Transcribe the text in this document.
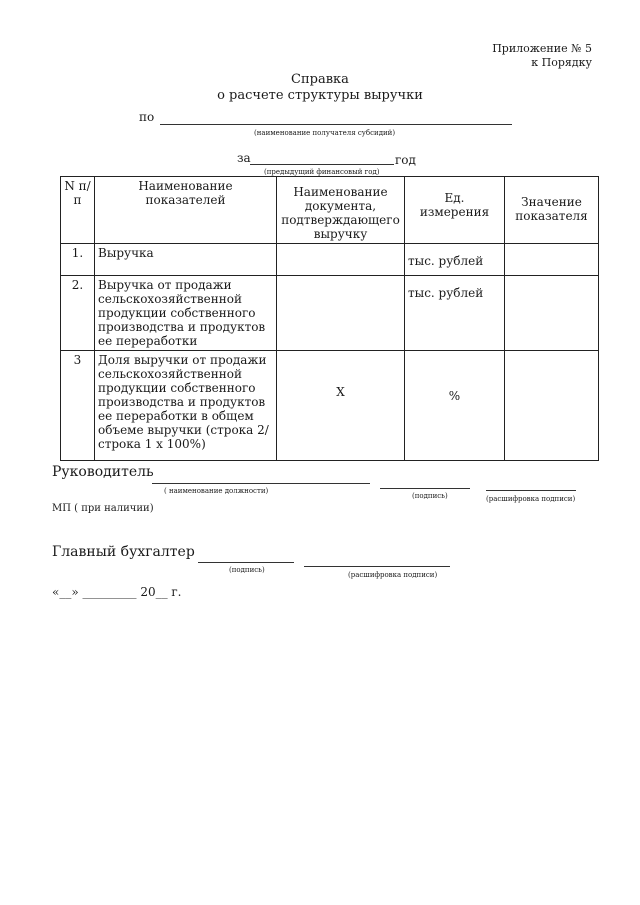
Приложение № 5
к Порядку
Справка
о расчете структуры выручки
по
(наименование получателя субсидий)
за	год
(предыдущий финансовый год)
N п/п	Наименование показателей	Наименование документа, подтверждающего выручку	Ед. измерения	Значение показателя
1.	Выручка		тыс. рублей	
2.	Выручка от продажи сельскохозяйственной продукции собственного производства и продуктов ее переработки		тыс. рублей	
3	Доля выручки от продажи сельскохозяйственной продукции собственного производства и продуктов ее переработки в общем объеме выручки (строка 2/строка 1 х 100%)	Х	%	
Руководитель
( наименование должности)
(подпись)	(расшифровка подписи)
МП ( при наличии)
Главный бухгалтер
(подпись)
(расшифровка подписи)
«__» _________ 20__ г.
